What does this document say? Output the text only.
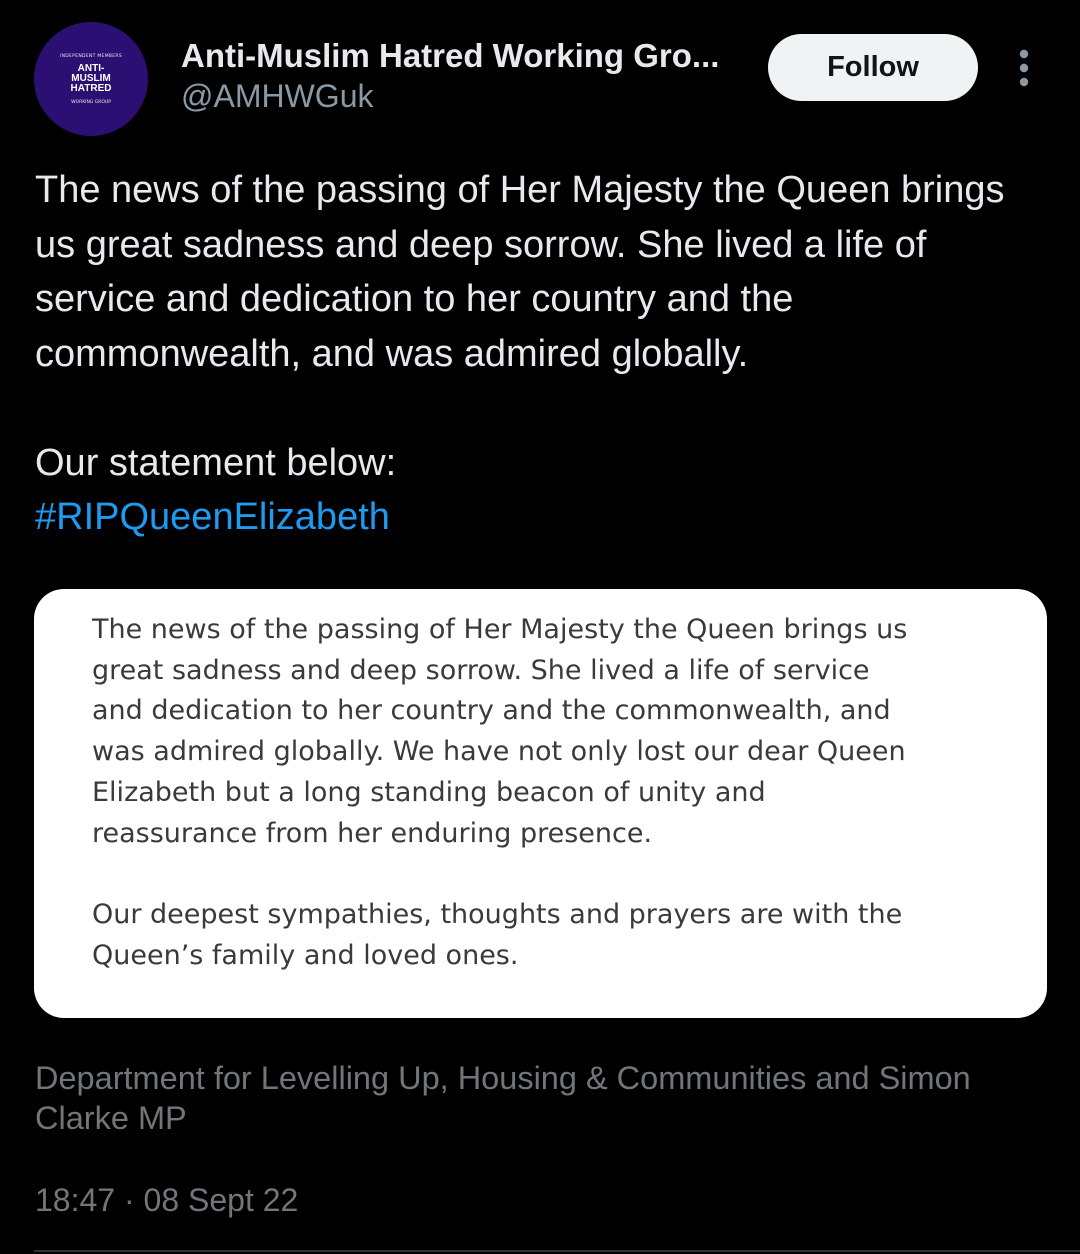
INDEPENDENT MEMBERS
ANTI-
MUSLIM
HATRED
WORKING GROUP
Anti-Muslim Hatred Working Gro...
@AMHWGuk
Follow

The news of the passing of Her Majesty the Queen brings us great sadness and deep sorrow. She lived a life of service and dedication to her country and the commonwealth, and was admired globally.

Our statement below:

#RIPQueenElizabeth

The news of the passing of Her Majesty the Queen brings us

great sadness and deep sorrow. She lived a life of service

and dedication to her country and the commonwealth, and

was admired globally. We have not only lost our dear Queen

Elizabeth but a long standing beacon of unity and

reassurance from her enduring presence.

Our deepest sympathies, thoughts and prayers are with the

Queen’s family and loved ones.

Department for Levelling Up, Housing & Communities and Simon Clarke MP
18:47 · 08 Sept 22
